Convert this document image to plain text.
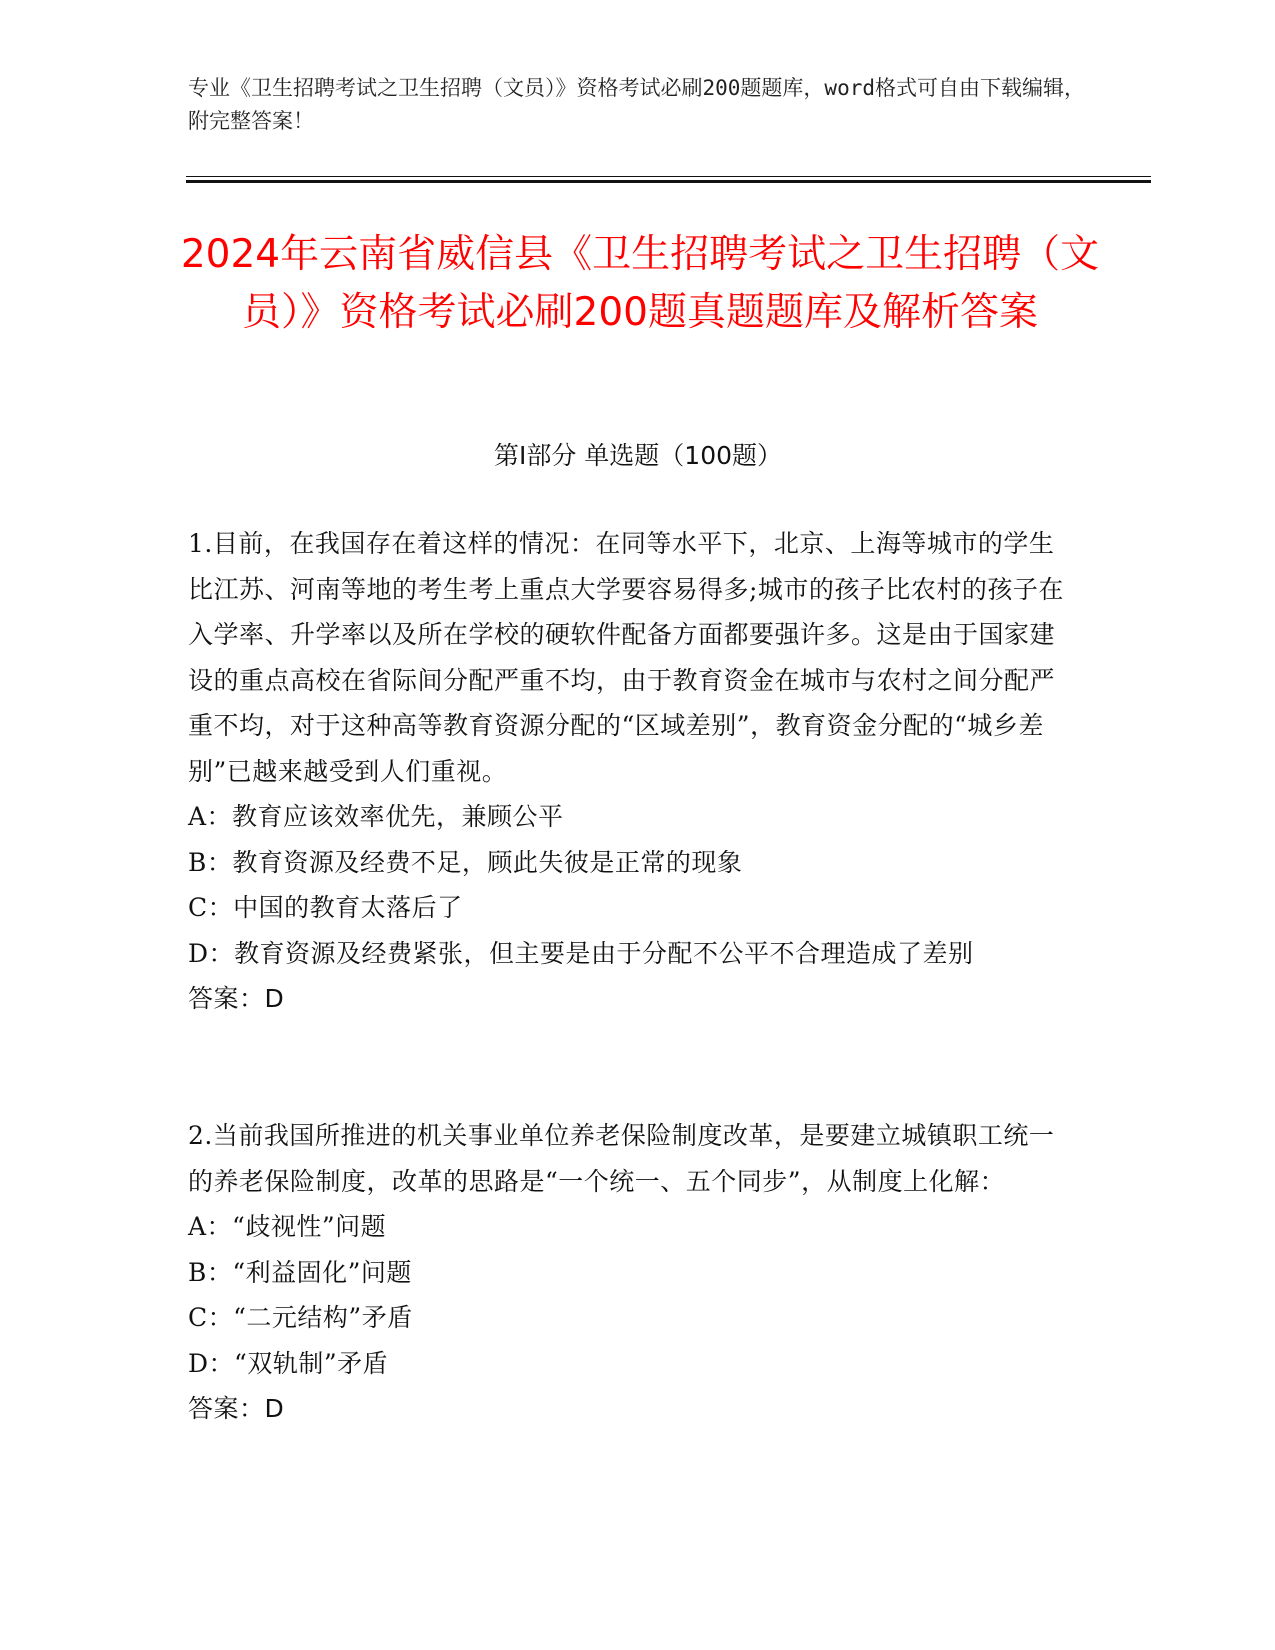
专业《卫生招聘考试之卫生招聘（文员）》资格考试必刷200题题库，word格式可自由下载编辑，附完整答案！
2024年云南省威信县《卫生招聘考试之卫生招聘（文员）》资格考试必刷200题真题题库及解析答案
第I部分 单选题（100题）

1.目前，在我国存在着这样的情况：在同等水平下，北京、上海等城市的学生比江苏、河南等地的考生考上重点大学要容易得多;城市的孩子比农村的孩子在入学率、升学率以及所在学校的硬软件配备方面都要强许多。这是由于国家建设的重点高校在省际间分配严重不均，由于教育资金在城市与农村之间分配严重不均，对于这种高等教育资源分配的“区域差别”，教育资金分配的“城乡差别”已越来越受到人们重视。

A：教育应该效率优先，兼顾公平
B：教育资源及经费不足，顾此失彼是正常的现象
C：中国的教育太落后了
D：教育资源及经费紧张，但主要是由于分配不公平不合理造成了差别

答案：D

2.当前我国所推进的机关事业单位养老保险制度改革，是要建立城镇职工统一的养老保险制度，改革的思路是“一个统一、五个同步”，从制度上化解：

A：“歧视性”问题
B：“利益固化”问题
C：“二元结构”矛盾
D：“双轨制”矛盾

答案：D
